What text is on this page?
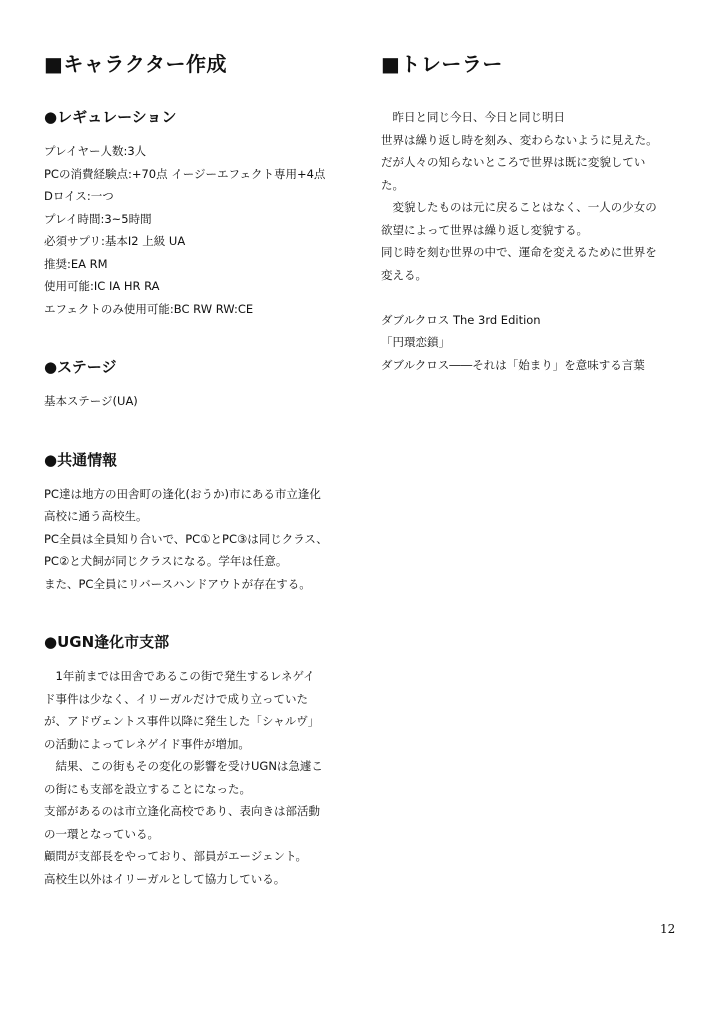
■キャラクター作成
●レギュレーション
プレイヤー人数:3人
PCの消費経験点:+70点 イージーエフェクト専用+4点
Dロイス:一つ
プレイ時間:3~5時間
必須サプリ:基本Ⅰ2 上級 UA
推奨:EA RM
使用可能:IC IA HR RA
エフェクトのみ使用可能:BC RW RW:CE
●ステージ
基本ステージ(UA)
●共通情報
PC達は地方の田舎町の逢化(おうか)市にある市立逢化
高校に通う高校生。
PC全員は全員知り合いで、PC①とPC③は同じクラス、
PC②と犬飼が同じクラスになる。学年は任意。
また、PC全員にリバースハンドアウトが存在する。
●UGN逢化市支部
　1年前までは田舎であるこの街で発生するレネゲイ
ド事件は少なく、イリーガルだけで成り立っていた
が、アドヴェントス事件以降に発生した「シャルヴ」
の活動によってレネゲイド事件が増加。
　結果、この街もその変化の影響を受けUGNは急遽こ
の街にも支部を設立することになった。
支部があるのは市立逢化高校であり、表向きは部活動
の一環となっている。
顧問が支部長をやっており、部員がエージェント。
高校生以外はイリーガルとして協力している。
■トレーラー
　昨日と同じ今日、今日と同じ明日
世界は繰り返し時を刻み、変わらないように見えた。
だが人々の知らないところで世界は既に変貌してい
た。
　変貌したものは元に戻ることはなく、一人の少女の
欲望によって世界は繰り返し変貌する。
同じ時を刻む世界の中で、運命を変えるために世界を
変える。
ダブルクロス The 3rd Edition
「円環恋鎖」
ダブルクロス――それは「始まり」を意味する言葉
12
